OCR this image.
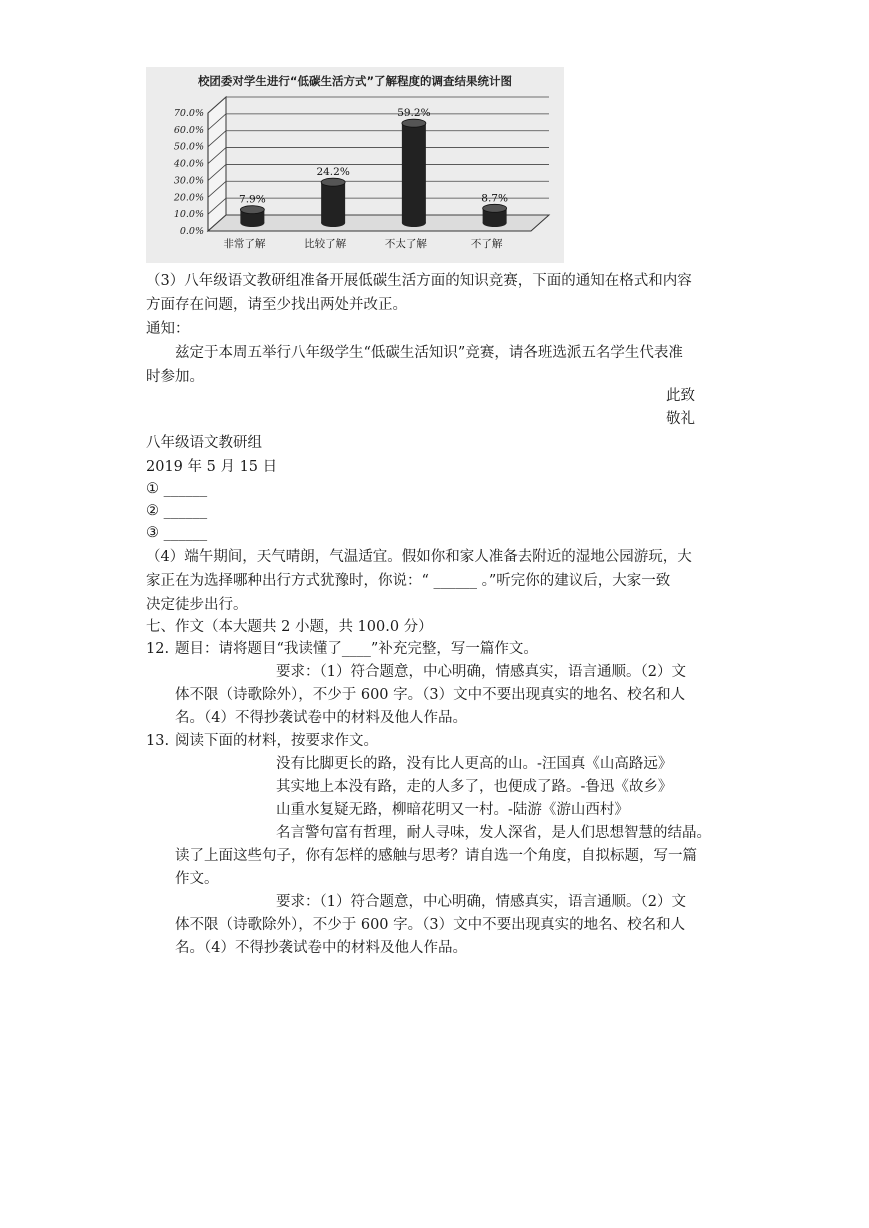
校团委对学生进行“低碳生活方式”了解程度的调查结果统计图
0.0%
10.0%
20.0%
30.0%
40.0%
50.0%
60.0%
70.0%
7.9%
24.2%
59.2%
8.7%
非常了解	比较了解	不太了解	不了解
（3）八年级语文教研组准备开展低碳生活方面的知识竞赛，下面的通知在格式和内容
方面存在问题，请至少找出两处并改正。
通知：
兹定于本周五举行八年级学生“低碳生活知识”竞赛，请各班选派五名学生代表准
时参加。
此致
敬礼
八年级语文教研组
2019 年 5 月 15 日
① ______
② ______
③ ______
（4）端午期间，天气晴朗，气温适宜。假如你和家人准备去附近的湿地公园游玩，大
家正在为选择哪种出行方式犹豫时，你说：“ ______ 。”听完你的建议后，大家一致
决定徒步出行。
七、作文（本大题共 2 小题，共 100.0 分）
12. 题目：请将题目“我读懂了____”补充完整，写一篇作文。
要求：（1）符合题意，中心明确，情感真实，语言通顺。（2）文
体不限（诗歌除外），不少于 600 字。（3）文中不要出现真实的地名、校名和人
名。（4）不得抄袭试卷中的材料及他人作品。
13. 阅读下面的材料，按要求作文。
没有比脚更长的路，没有比人更高的山。-汪国真《山高路远》
其实地上本没有路，走的人多了，也便成了路。-鲁迅《故乡》
山重水复疑无路，柳暗花明又一村。-陆游《游山西村》
名言警句富有哲理，耐人寻味，发人深省，是人们思想智慧的结晶。
读了上面这些句子，你有怎样的感触与思考？请自选一个角度，自拟标题，写一篇
作文。
要求：（1）符合题意，中心明确，情感真实，语言通顺。（2）文
体不限（诗歌除外），不少于 600 字。（3）文中不要出现真实的地名、校名和人
名。（4）不得抄袭试卷中的材料及他人作品。
